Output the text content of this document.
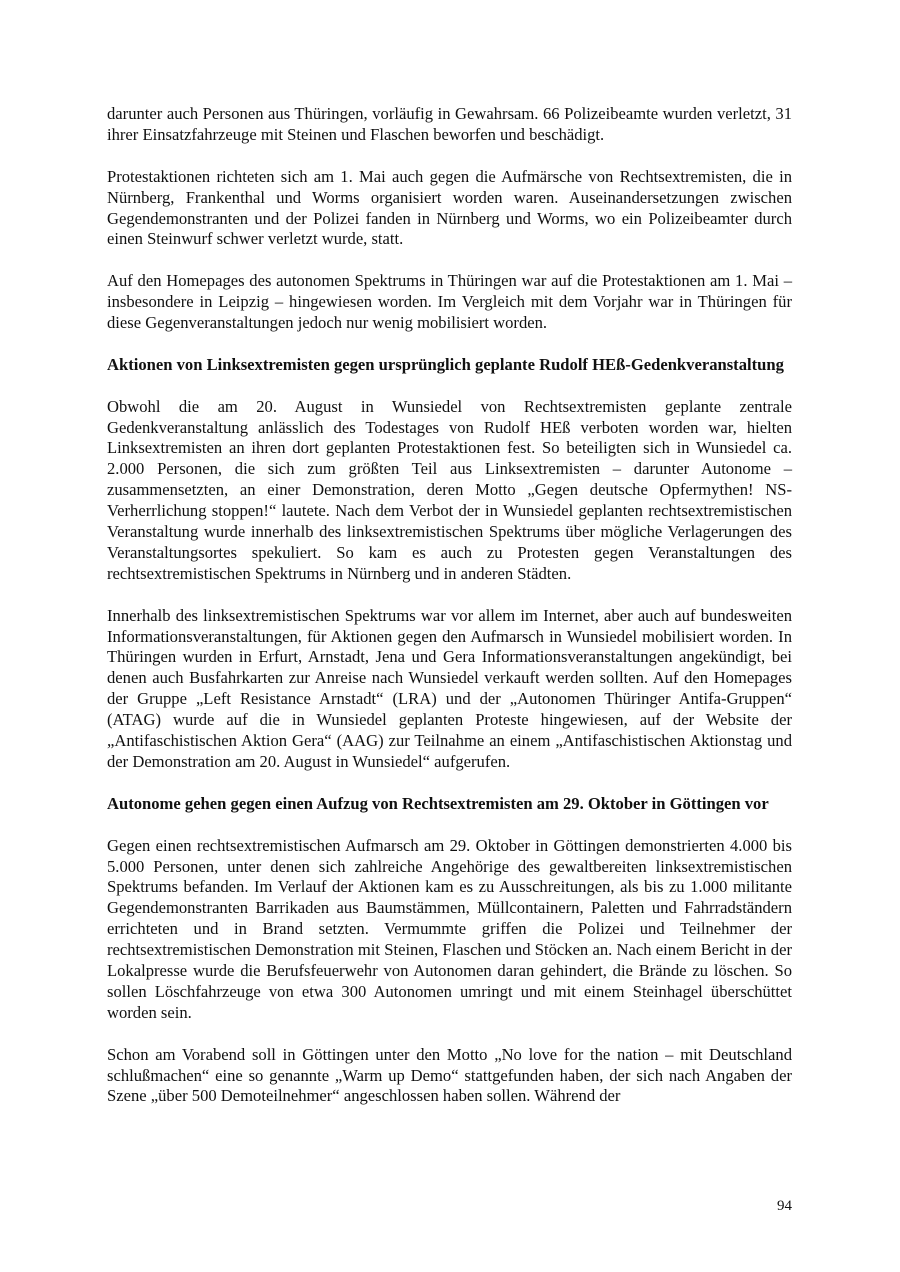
darunter auch Personen aus Thüringen, vorläufig in Gewahrsam. 66 Polizeibeamte wurden verletzt, 31 ihrer Einsatzfahrzeuge mit Steinen und Flaschen beworfen und beschädigt.

Protestaktionen richteten sich am 1. Mai auch gegen die Aufmärsche von Rechtsextremisten, die in Nürnberg, Frankenthal und Worms organisiert worden waren. Auseinandersetzungen zwischen Gegendemonstranten und der Polizei fanden in Nürnberg und Worms, wo ein Polizeibeamter durch einen Steinwurf schwer verletzt wurde, statt.

Auf den Homepages des autonomen Spektrums in Thüringen war auf die Protestaktionen am 1. Mai – insbesondere in Leipzig – hingewiesen worden. Im Vergleich mit dem Vorjahr war in Thüringen für diese Gegenveranstaltungen jedoch nur wenig mobilisiert worden.

Aktionen von Linksextremisten gegen ursprünglich geplante Rudolf HEß-Gedenkveranstaltung

Obwohl die am 20. August in Wunsiedel von Rechtsextremisten geplante zentrale Gedenkveranstaltung anlässlich des Todestages von Rudolf HEß verboten worden war, hielten Linksextremisten an ihren dort geplanten Protestaktionen fest. So beteiligten sich in Wunsiedel ca. 2.000 Personen, die sich zum größten Teil aus Linksextremisten – darunter Autonome – zusammensetzten, an einer Demonstration, deren Motto „Gegen deutsche Opfermythen! NS-Verherrlichung stoppen!“ lautete. Nach dem Verbot der in Wunsiedel geplanten rechtsextremistischen Veranstaltung wurde innerhalb des linksextremistischen Spektrums über mögliche Verlagerungen des Veranstaltungsortes spekuliert. So kam es auch zu Protesten gegen Veranstaltungen des rechtsextremistischen Spektrums in Nürnberg und in anderen Städten.

Innerhalb des linksextremistischen Spektrums war vor allem im Internet, aber auch auf bundesweiten Informationsveranstaltungen, für Aktionen gegen den Aufmarsch in Wunsiedel mobilisiert worden. In Thüringen wurden in Erfurt, Arnstadt, Jena und Gera Informationsveranstaltungen angekündigt, bei denen auch Busfahrkarten zur Anreise nach Wunsiedel verkauft werden sollten. Auf den Homepages der Gruppe „Left Resistance Arnstadt“ (LRA) und der „Autonomen Thüringer Antifa-Gruppen“ (ATAG) wurde auf die in Wunsiedel geplanten Proteste hingewiesen, auf der Website der „Antifaschistischen Aktion Gera“ (AAG) zur Teilnahme an einem „Antifaschistischen Aktionstag und der Demonstration am 20. August in Wunsiedel“ aufgerufen.

Autonome gehen gegen einen Aufzug von Rechtsextremisten am 29. Oktober in Göttingen vor

Gegen einen rechtsextremistischen Aufmarsch am 29. Oktober in Göttingen demonstrierten 4.000 bis 5.000 Personen, unter denen sich zahlreiche Angehörige des gewaltbereiten linksextremistischen Spektrums befanden. Im Verlauf der Aktionen kam es zu Ausschreitungen, als bis zu 1.000 militante Gegendemonstranten Barrikaden aus Baumstämmen, Müllcontainern, Paletten und Fahrradständern errichteten und in Brand setzten. Vermummte griffen die Polizei und Teilnehmer der rechtsextremistischen Demonstration mit Steinen, Flaschen und Stöcken an. Nach einem Bericht in der Lokalpresse wurde die Berufsfeuerwehr von Autonomen daran gehindert, die Brände zu löschen. So sollen Löschfahrzeuge von etwa 300 Autonomen umringt und mit einem Steinhagel überschüttet worden sein.

Schon am Vorabend soll in Göttingen unter den Motto „No love for the nation – mit Deutschland schlußmachen“ eine so genannte „Warm up Demo“ stattgefunden haben, der sich nach Angaben der Szene „über 500 Demoteilnehmer“ angeschlossen haben sollen. Während der

94
